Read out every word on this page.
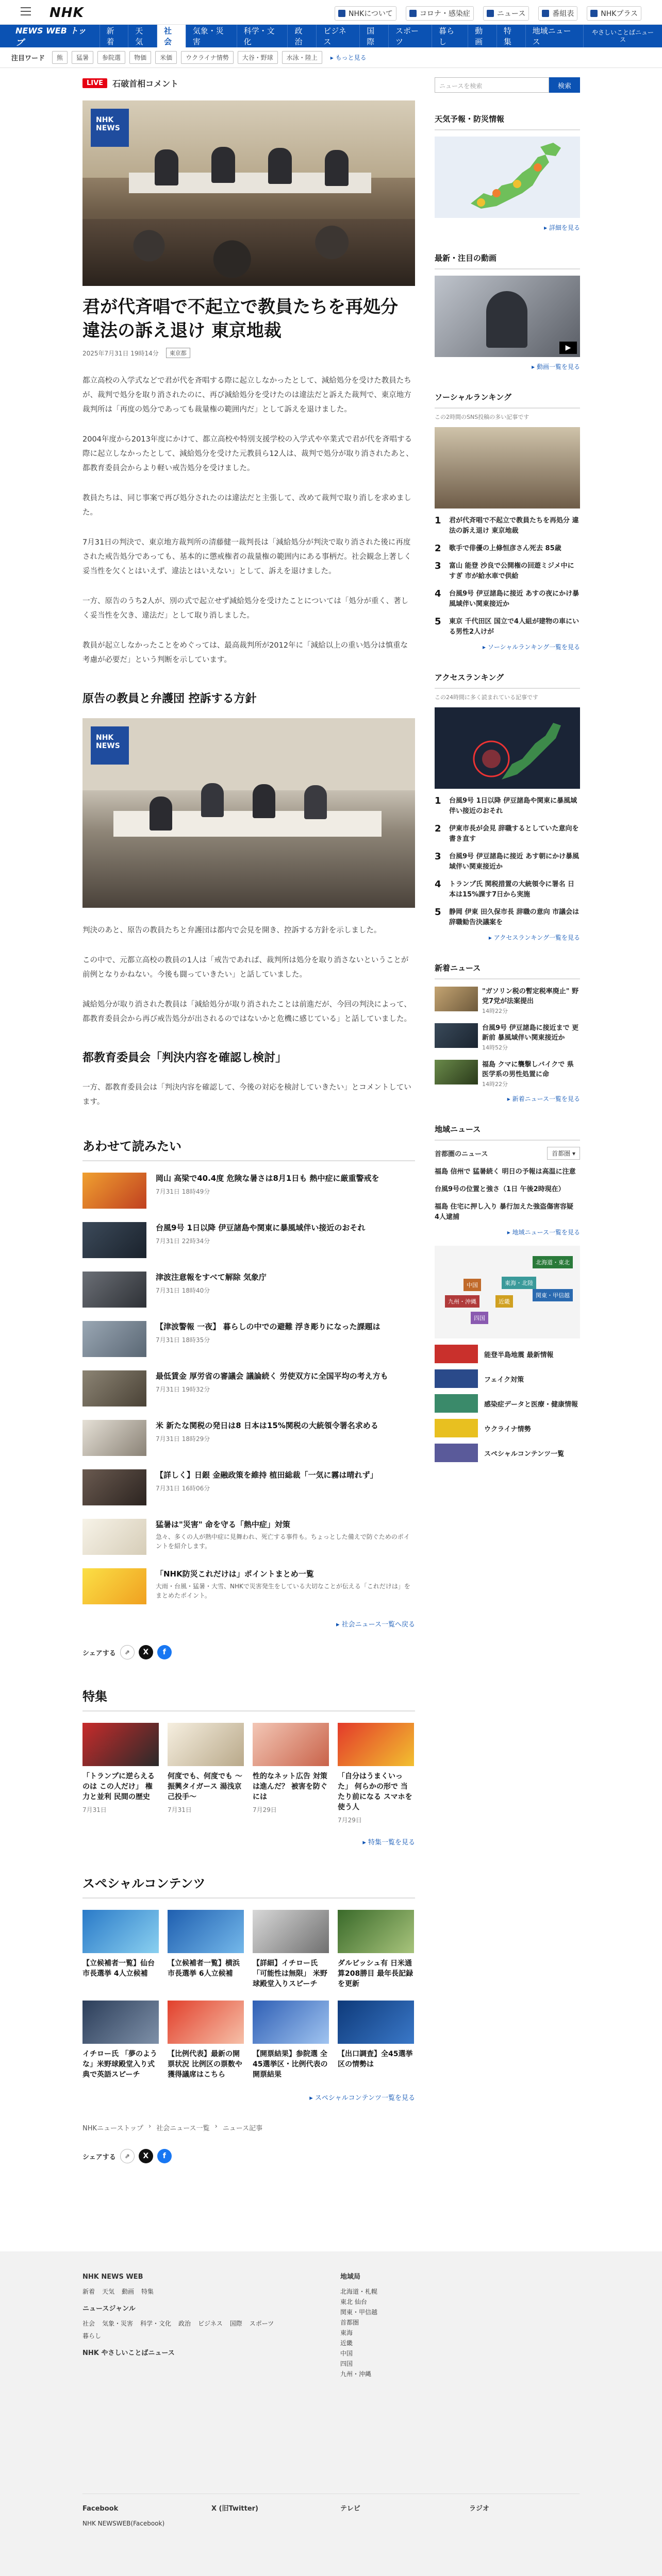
NHK	NHKについて	コロナ・感染症	ニュース	番組表	NHKプラス
NEWS WEB トップ
新着
天気
社会
気象・災害
科学・文化
政治
ビジネス
国際
スポーツ
暮らし
動画
特集
地域ニュース
やさしいことばニュース
注目ワード	熊	猛暑	参院選	物価	米価	ウクライナ情勢	大谷・野球	水泳・陸上	▸ もっと見る
LIVE	石破首相コメント
NHK
NEWS
君が代斉唱で不起立で教員たちを再処分 違法の訴え退け 東京地裁
2025年7月31日 19時14分	東京都

都立高校の入学式などで君が代を斉唱する際に起立しなかったとして、減給処分を受けた教員たちが、裁判で処分を取り消されたのに、再び減給処分を受けたのは違法だと訴えた裁判で、東京地方裁判所は「再度の処分であっても裁量権の範囲内だ」として訴えを退けました。

2004年度から2013年度にかけて、都立高校や特別支援学校の入学式や卒業式で君が代を斉唱する際に起立しなかったとして、減給処分を受けた元教員ら12人は、裁判で処分が取り消されたあと、都教育委員会からより軽い戒告処分を受けました。

教員たちは、同じ事案で再び処分されたのは違法だと主張して、改めて裁判で取り消しを求めました。

7月31日の判決で、東京地方裁判所の清藤健一裁判長は「減給処分が判決で取り消された後に再度された戒告処分であっても、基本的に懲戒権者の裁量権の範囲内にある事柄だ。社会観念上著しく妥当性を欠くとはいえず、違法とはいえない」として、訴えを退けました。

一方、原告のうち2人が、別の式で起立せず減給処分を受けたことについては「処分が重く、著しく妥当性を欠き、違法だ」として取り消しました。

教員が起立しなかったことをめぐっては、最高裁判所が2012年に「減給以上の重い処分は慎重な考慮が必要だ」という判断を示しています。

原告の教員と弁護団 控訴する方針
NHK
NEWS

判決のあと、原告の教員たちと弁護団は都内で会見を開き、控訴する方針を示しました。

この中で、元都立高校の教員の1人は「戒告であれば、裁判所は処分を取り消さないということが前例となりかねない。今後も闘っていきたい」と話していました。

減給処分が取り消された教員は「減給処分が取り消されたことは前進だが、今回の判決によって、都教育委員会から再び戒告処分が出されるのではないかと危機に感じている」と話していました。

都教育委員会「判決内容を確認し検討」

一方、都教育委員会は「判決内容を確認して、今後の対応を検討していきたい」とコメントしています。

あわせて読みたい
岡山 高梁で40.4度 危険な暑さは8月1日も 熱中症に厳重警戒を
7月31日 18時49分
台風9号 1日以降 伊豆諸島や関東に暴風域伴い接近のおそれ
7月31日 22時34分
津波注意報をすべて解除 気象庁
7月31日 18時40分
【津波警報 一夜】 暮らしの中での避難 浮き彫りになった課題は
7月31日 18時35分
最低賃金 厚労省の審議会 議論続く 労使双方に全国平均の考え方も
7月31日 19時32分
米 新たな関税の発日は8 日本は15%関税の大統領令署名求める
7月31日 18時29分
【詳しく】日銀 金融政策を維持 植田総裁「一気に霧は晴れず」
7月31日 16時06分
猛暑は"災害" 命を守る「熱中症」対策
急々、多くの人が熱中症に見舞われ、死亡する事件も。ちょっとした備えで防ぐためのポイントを紹介します。
「NHK防災これだけは」ポイントまとめ一覧
大雨・台風・猛暑・大雪、NHKで災害発生をしている大切なことが伝える「これだけは」をまとめたポイント。
▸ 社会ニュース一覧へ戻る
シェアする	⇗	X	f
特集
「トランプに逆らえるのは この人だけ」 権力と並利 民間の歴史
7月31日
何度でも、何度でも ～振興タイガース 湯浅京己投手～
7月31日
性的なネット広告 対策は進んだ？ 被害を防ぐには
7月29日
「自分はうまくいった」 何らかの形で 当たり前になる スマホを使う人
7月29日
▸ 特集一覧を見る
スペシャルコンテンツ
【立候補者一覧】仙台市長選挙 4人立候補
【立候補者一覧】横浜市長選挙 6人立候補
【詳細】イチロー氏「可能性は無限」 米野球殿堂入りスピーチ
ダルビッシュ有 日米通算208勝目 最年長記録を更新
イチロー氏 「夢のような」米野球殿堂入り式典で英語スピーチ
【比例代表】最新の開票状況 比例区の票数や獲得議席はこちら
【開票結果】参院選 全45選挙区・比例代表の開票結果
【出口調査】全45選挙区の情勢は
▸ スペシャルコンテンツ一覧を見る
NHKニューストップ › 社会ニュース一覧 › ニュース記事
シェアする	⇗	X	f
ニュースを検索	検索
天気予報・防災情報
▸ 詳細を見る
最新・注目の動画
▶
▸ 動画一覧を見る
ソーシャルランキング
この2時間のSNS投稿の多い記事です
1	君が代斉唱で不起立で教員たちを再処分 違法の訴え退け 東京地裁
2	歌手で俳優の上條恒彦さん死去 85歳
3	富山 能登 沙良で公開権の回遊ミジメ中にすぎ 市が給水車で供給
4	台風9号 伊豆諸島に接近 あすの夜にかけ暴風域伴い関東接近か
5	東京 千代田区 国立で4人組が建物の車にいる男性2人けが
▸ ソーシャルランキング一覧を見る
アクセスランキング
この24時間に多く読まれている記事です
1	台風9号 1日以降 伊豆諸島や関東に暴風域伴い接近のおそれ
2	伊東市長が会見 辞職するとしていた意向を書き直す
3	台風9号 伊豆諸島に接近 あす朝にかけ暴風域伴い関東接近か
4	トランプ氏 関税措置の大統領令に署名 日本は15%課す7日から実施
5	静岡 伊東 田久保市長 辞職の意向 市議会は辞職勧告決議案を
▸ アクセスランキング一覧を見る
新着ニュース
"ガソリン税の暫定税率廃止" 野党7党が法案提出
14時22分
台風9号 伊豆諸島に接近まで 更新前 暴風域伴い関東接近か
14時52分
福島 クマに襲撃しバイクで 県医学系の男性処置に命
14時22分
▸ 新着ニュース一覧を見る
地域ニュース
首都圏のニュース	首都圏 ▾
福島 信州で 猛暑続く 明日の予報は高温に注意
台風9号の位置と強さ（1日 午後2時現在）
福島 住宅に押し入り 暴行加えた強盗傷害容疑 4人逮捕
▸ 地域ニュース一覧を見る
北海道・東北
関東・甲信越
中国
九州・沖縄
四国
近畿
東海・北陸
能登半島地震 最新情報
フェイク対策
感染症データと医療・健康情報
ウクライナ情勢
スペシャルコンテンツ一覧
NHK NEWS WEB
新着 天気 動画 特集
ニュースジャンル
社会 気象・災害 科学・文化 政治 ビジネス 国際 スポーツ
暮らし
NHK やさしいことばニュース
地域局
北海道・札幌
東北 仙台
関東・甲信越
首都圏
東海
近畿
中国
四国
九州・沖縄
Facebook
NHK NEWSWEB(Facebook)
X (旧Twitter)	テレビ	ラジオ
